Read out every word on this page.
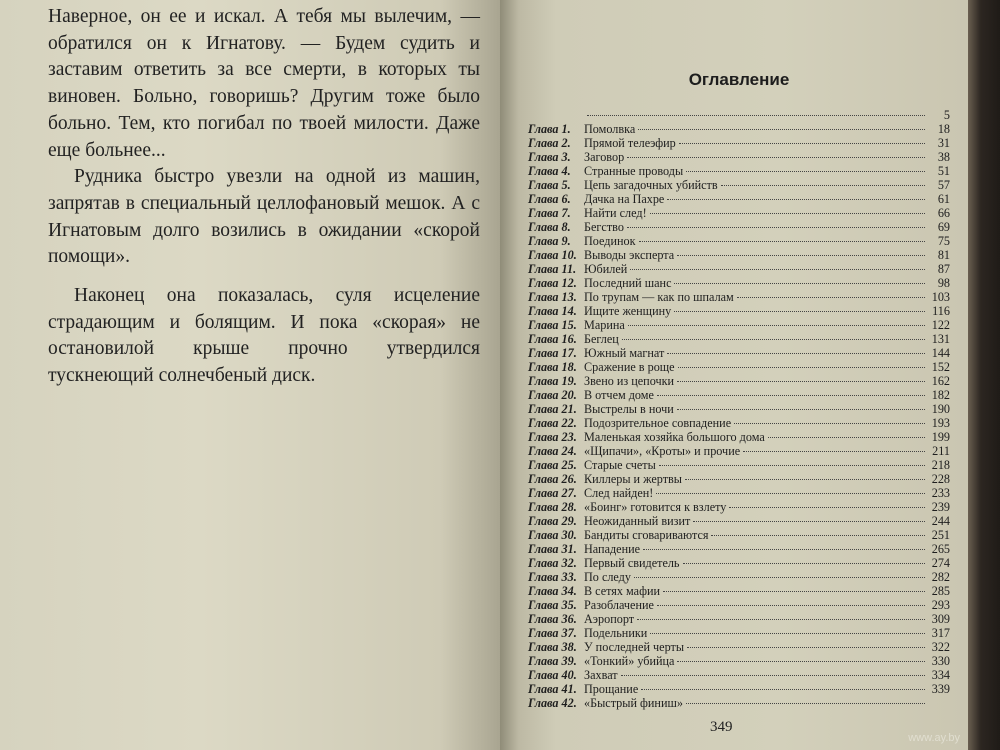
Наверное, он ее и искал. А тебя мы вылечим, — обратился он к Игнатову. — Будем судить и заставим ответить за все смерти, в которых ты виновен. Больно, говоришь? Другим тоже было больно. Тем, кто погибал по твоей милости. Даже еще больнее...

Рудника быстро увезли на одной из машин, запрятав в специальный целлофановый мешок. А с Игнатовым долго возились в ожидании «скорой помощи».

Наконец она показалась, суля исцеление страдающим и болящим. И пока «скорая» не остановилой крыше прочно утвердился тускнеющий солнечбеный диск.

Оглавление
5
Глава 1.	Помолвка	18
Глава 2.	Прямой телеэфир	31
Глава 3.	Заговор	38
Глава 4.	Странные проводы	51
Глава 5.	Цепь загадочных убийств	57
Глава 6.	Дачка на Пахре	61
Глава 7.	Найти след!	66
Глава 8.	Бегство	69
Глава 9.	Поединок	75
Глава 10. Выводы эксперта	81
Глава 11. Юбилей	87
Глава 12. Последний шанс	98
Глава 13. По трупам — как по шпалам	103
Глава 14. Ищите женщину	116
Глава 15. Марина	122
Глава 16. Беглец	131
Глава 17. Южный магнат	144
Глава 18. Сражение в роще	152
Глава 19. Звено из цепочки	162
Глава 20. В отчем доме	182
Глава 21. Выстрелы в ночи	190
Глава 22. Подозрительное совпадение	193
Глава 23. Маленькая хозяйка большого дома	199
Глава 24. «Щипачи», «Кроты» и прочие	211
Глава 25. Старые счеты	218
Глава 26. Киллеры и жертвы	228
Глава 27. След найден!	233
Глава 28. «Боинг» готовится к взлету	239
Глава 29. Неожиданный визит	244
Глава 30. Бандиты сговариваются	251
Глава 31. Нападение	265
Глава 32. Первый свидетель	274
Глава 33. По следу	282
Глава 34. В сетях мафии	285
Глава 35. Разоблачение	293
Глава 36. Аэропорт	309
Глава 37. Подельники	317
Глава 38. У последней черты	322
Глава 39. «Тонкий» убийца	330
Глава 40. Захват	334
Глава 41. Прощание	339
Глава 42. «Быстрый финиш»
349
www.ay.by
